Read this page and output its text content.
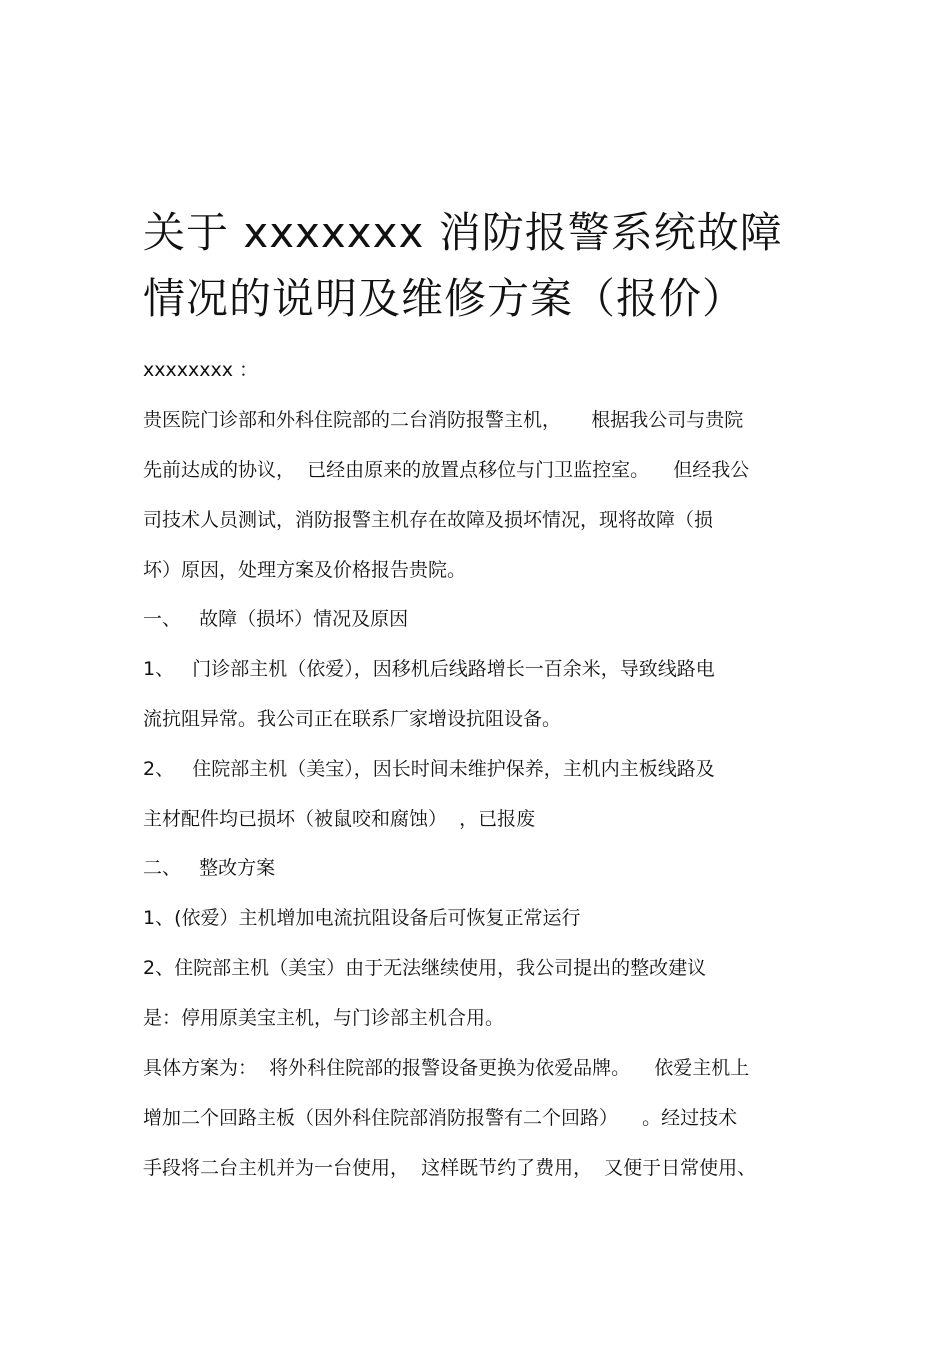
关于 xxxxxxx 消防报警系统故障
情况的说明及维修方案（报价）
xxxxxxxx ：
贵医院门诊部和外科住院部的二台消防报警主机，     根据我公司与贵院
先前达成的协议，  已经由原来的放置点移位与门卫监控室。    但经我公
司技术人员测试，消防报警主机存在故障及损坏情况，现将故障（损
坏）原因，处理方案及价格报告贵院。
一、   故障（损坏）情况及原因
1、   门诊部主机（依爱），因移机后线路增长一百余米，导致线路电
流抗阻异常。我公司正在联系厂家增设抗阻设备。
2、   住院部主机（美宝），因长时间未维护保养，主机内主板线路及
主材配件均已损坏（被鼠咬和腐蚀）  ，已报废
二、   整改方案
1、(依爱）主机增加电流抗阻设备后可恢复正常运行
2、住院部主机（美宝）由于无法继续使用，我公司提出的整改建议
是：停用原美宝主机，与门诊部主机合用。
具体方案为：  将外科住院部的报警设备更换为依爱品牌。    依爱主机上
增加二个回路主板（因外科住院部消防报警有二个回路）    。经过技术
手段将二台主机并为一台使用，  这样既节约了费用，  又便于日常使用、
